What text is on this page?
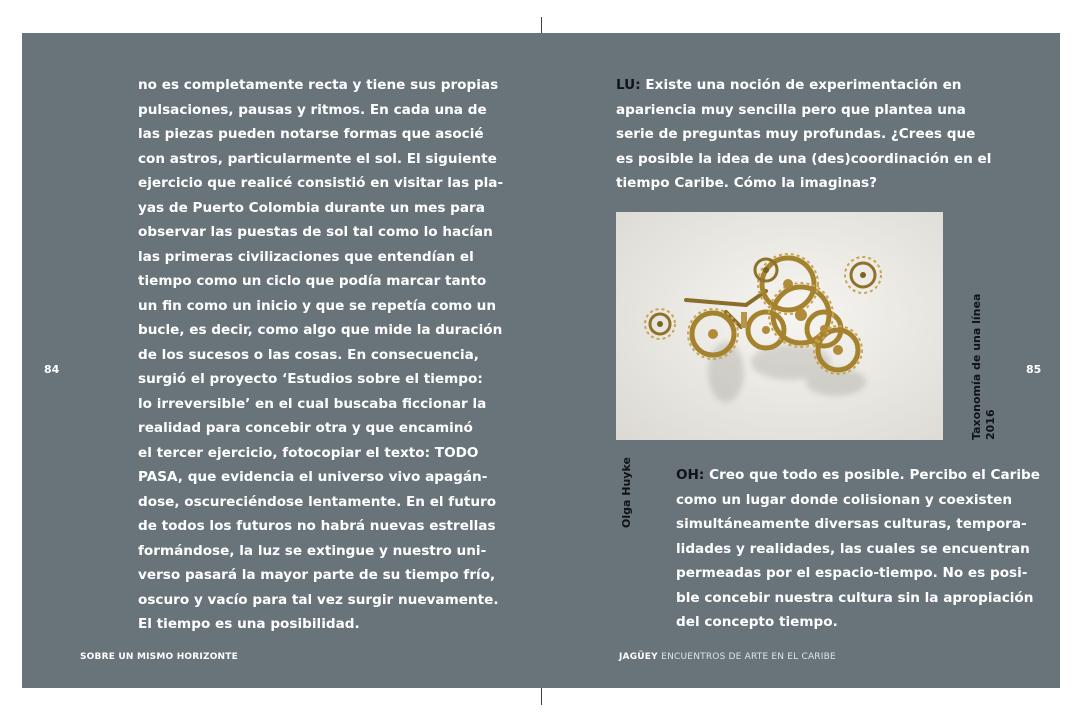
no es completamente recta y tiene sus propias
pulsaciones, pausas y ritmos. En cada una de
las piezas pueden notarse formas que asocié
con astros, particularmente el sol. El siguiente
ejercicio que realicé consistió en visitar las pla-
yas de Puerto Colombia durante un mes para
observar las puestas de sol tal como lo hacían
las primeras civilizaciones que entendían el
tiempo como un ciclo que podía marcar tanto
un fin como un inicio y que se repetía como un
bucle, es decir, como algo que mide la duración
de los sucesos o las cosas. En consecuencia,
surgió el proyecto ‘Estudios sobre el tiempo:
lo irreversible’ en el cual buscaba ficcionar la
realidad para concebir otra y que encaminó
el tercer ejercicio, fotocopiar el texto: TODO
PASA, que evidencia el universo vivo apagán-
dose, oscureciéndose lentamente. En el futuro
de todos los futuros no habrá nuevas estrellas
formándose, la luz se extingue y nuestro uni-
verso pasará la mayor parte de su tiempo frío,
oscuro y vacío para tal vez surgir nuevamente.
El tiempo es una posibilidad.
84
SOBRE UN MISMO HORIZONTE
LU: Existe una noción de experimentación en
apariencia muy sencilla pero que plantea una
serie de preguntas muy profundas. ¿Crees que
es posible la idea de una (des)coordinación en el
tiempo Caribe. Cómo la imaginas?
Taxonomía de una línea 2016
Olga Huyke	OH: Creo que todo es posible. Percibo el Caribe
como un lugar donde colisionan y coexisten
simultáneamente diversas culturas, tempora-
lidades y realidades, las cuales se encuentran
permeadas por el espacio-tiempo. No es posi-
ble concebir nuestra cultura sin la apropiación
del concepto tiempo.
85
JAGÜEY ENCUENTROS DE ARTE EN EL CARIBE
